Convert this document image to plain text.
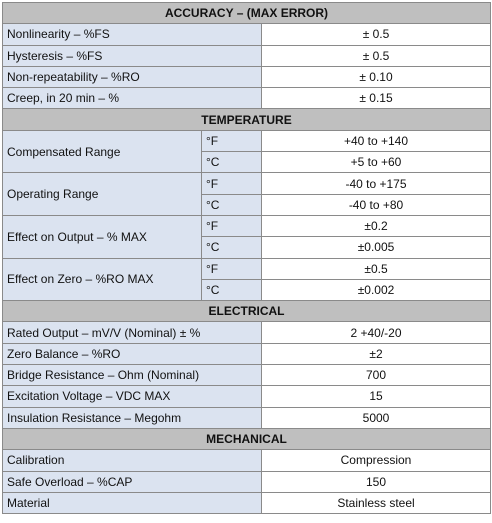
ACCURACY – (MAX ERROR)		
Nonlinearity – %FS		± 0.5
Hysteresis – %FS		± 0.5
Non-repeatability – %RO		± 0.10
Creep, in 20 min – %		± 0.15
TEMPERATURE		
Compensated Range	°F	+40 to +140
	°C	+5 to +60
Operating Range	°F	-40 to +175
	°C	-40 to +80
Effect on Output – % MAX	°F	±0.2
	°C	±0.005
Effect on Zero – %RO MAX	°F	±0.5
	°C	±0.002
ELECTRICAL		
Rated Output – mV/V (Nominal) ± %		2 +40/-20
Zero Balance – %RO		±2
Bridge Resistance – Ohm (Nominal)		700
Excitation Voltage – VDC MAX		15
Insulation Resistance – Megohm		5000
MECHANICAL		
Calibration		Compression
Safe Overload – %CAP		150
Material		Stainless steel
